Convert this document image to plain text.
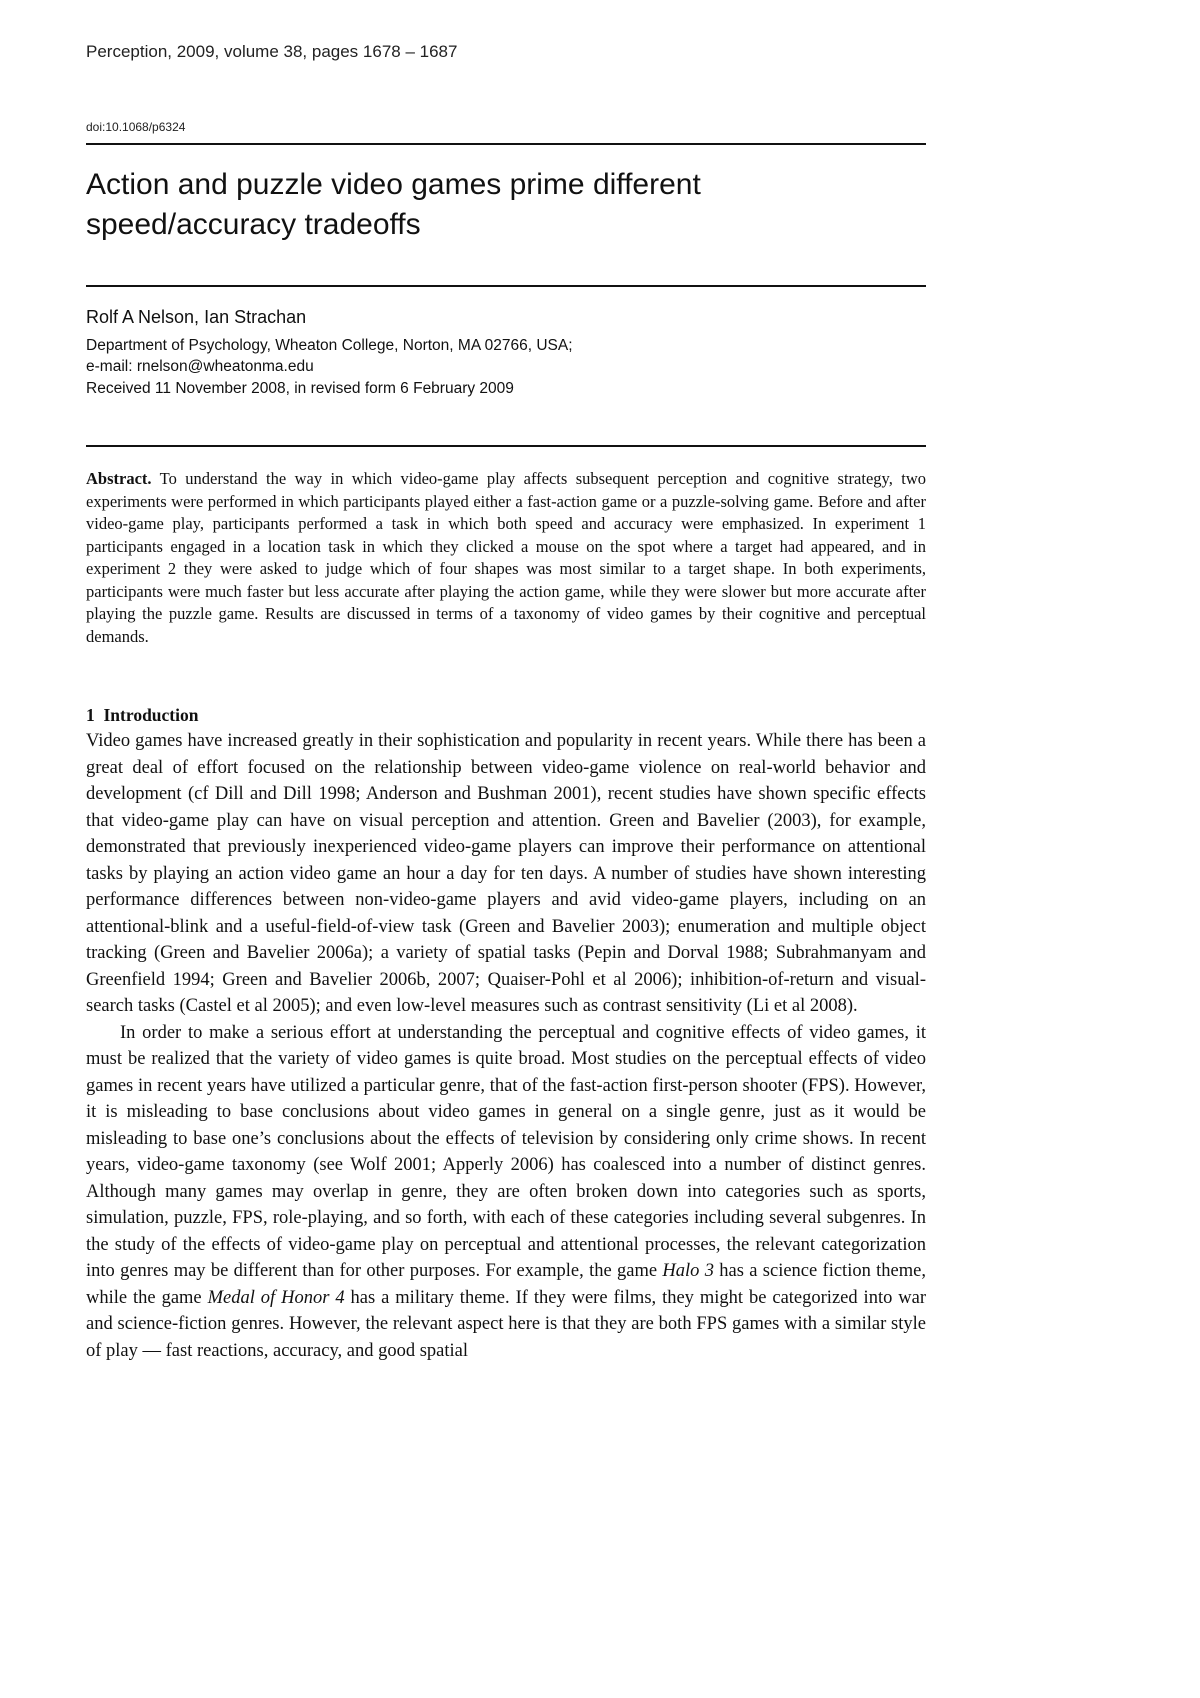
Perception, 2009, volume 38, pages 1678 – 1687
doi:10.1068/p6324
Action and puzzle video games prime different
speed/accuracy tradeoffs
Rolf A Nelson, Ian Strachan
Department of Psychology, Wheaton College, Norton, MA 02766, USA;
e-mail: rnelson@wheatonma.edu
Received 11 November 2008, in revised form 6 February 2009

Abstract. To understand the way in which video-game play affects subsequent perception and cognitive strategy, two experiments were performed in which participants played either a fast-action game or a puzzle-solving game. Before and after video-game play, participants performed a task in which both speed and accuracy were emphasized. In experiment 1 participants engaged in a location task in which they clicked a mouse on the spot where a target had appeared, and in experiment 2 they were asked to judge which of four shapes was most similar to a target shape. In both experiments, participants were much faster but less accurate after playing the action game, while they were slower but more accurate after playing the puzzle game. Results are discussed in terms of a taxonomy of video games by their cognitive and perceptual demands.

1 Introduction

Video games have increased greatly in their sophistication and popularity in recent years. While there has been a great deal of effort focused on the relationship between video-game violence on real-world behavior and development (cf Dill and Dill 1998; Anderson and Bushman 2001), recent studies have shown specific effects that video-game play can have on visual perception and attention. Green and Bavelier (2003), for example, demonstrated that previously inexperienced video-game players can improve their performance on attentional tasks by playing an action video game an hour a day for ten days. A number of studies have shown interesting performance differences between non-video-game players and avid video-game players, including on an attentional-blink and a useful-field-of-view task (Green and Bavelier 2003); enumeration and multiple object tracking (Green and Bavelier 2006a); a variety of spatial tasks (Pepin and Dorval 1988; Subrahmanyam and Greenfield 1994; Green and Bavelier 2006b, 2007; Quaiser-Pohl et al 2006); inhibition-of-return and visual-search tasks (Castel et al 2005); and even low-level measures such as contrast sensitivity (Li et al 2008).

In order to make a serious effort at understanding the perceptual and cognitive effects of video games, it must be realized that the variety of video games is quite broad. Most studies on the perceptual effects of video games in recent years have utilized a particular genre, that of the fast-action first-person shooter (FPS). However, it is misleading to base conclusions about video games in general on a single genre, just as it would be misleading to base one’s conclusions about the effects of television by considering only crime shows. In recent years, video-game taxonomy (see Wolf 2001; Apperly 2006) has coalesced into a number of distinct genres. Although many games may overlap in genre, they are often broken down into categories such as sports, simulation, puzzle, FPS, role-playing, and so forth, with each of these categories including several subgenres. In the study of the effects of video-game play on perceptual and attentional processes, the relevant categorization into genres may be different than for other purposes. For example, the game Halo 3 has a science fiction theme, while the game Medal of Honor 4 has a military theme. If they were films, they might be categorized into war and science-fiction genres. However, the relevant aspect here is that they are both FPS games with a similar style of play — fast reactions, accuracy, and good spatial
